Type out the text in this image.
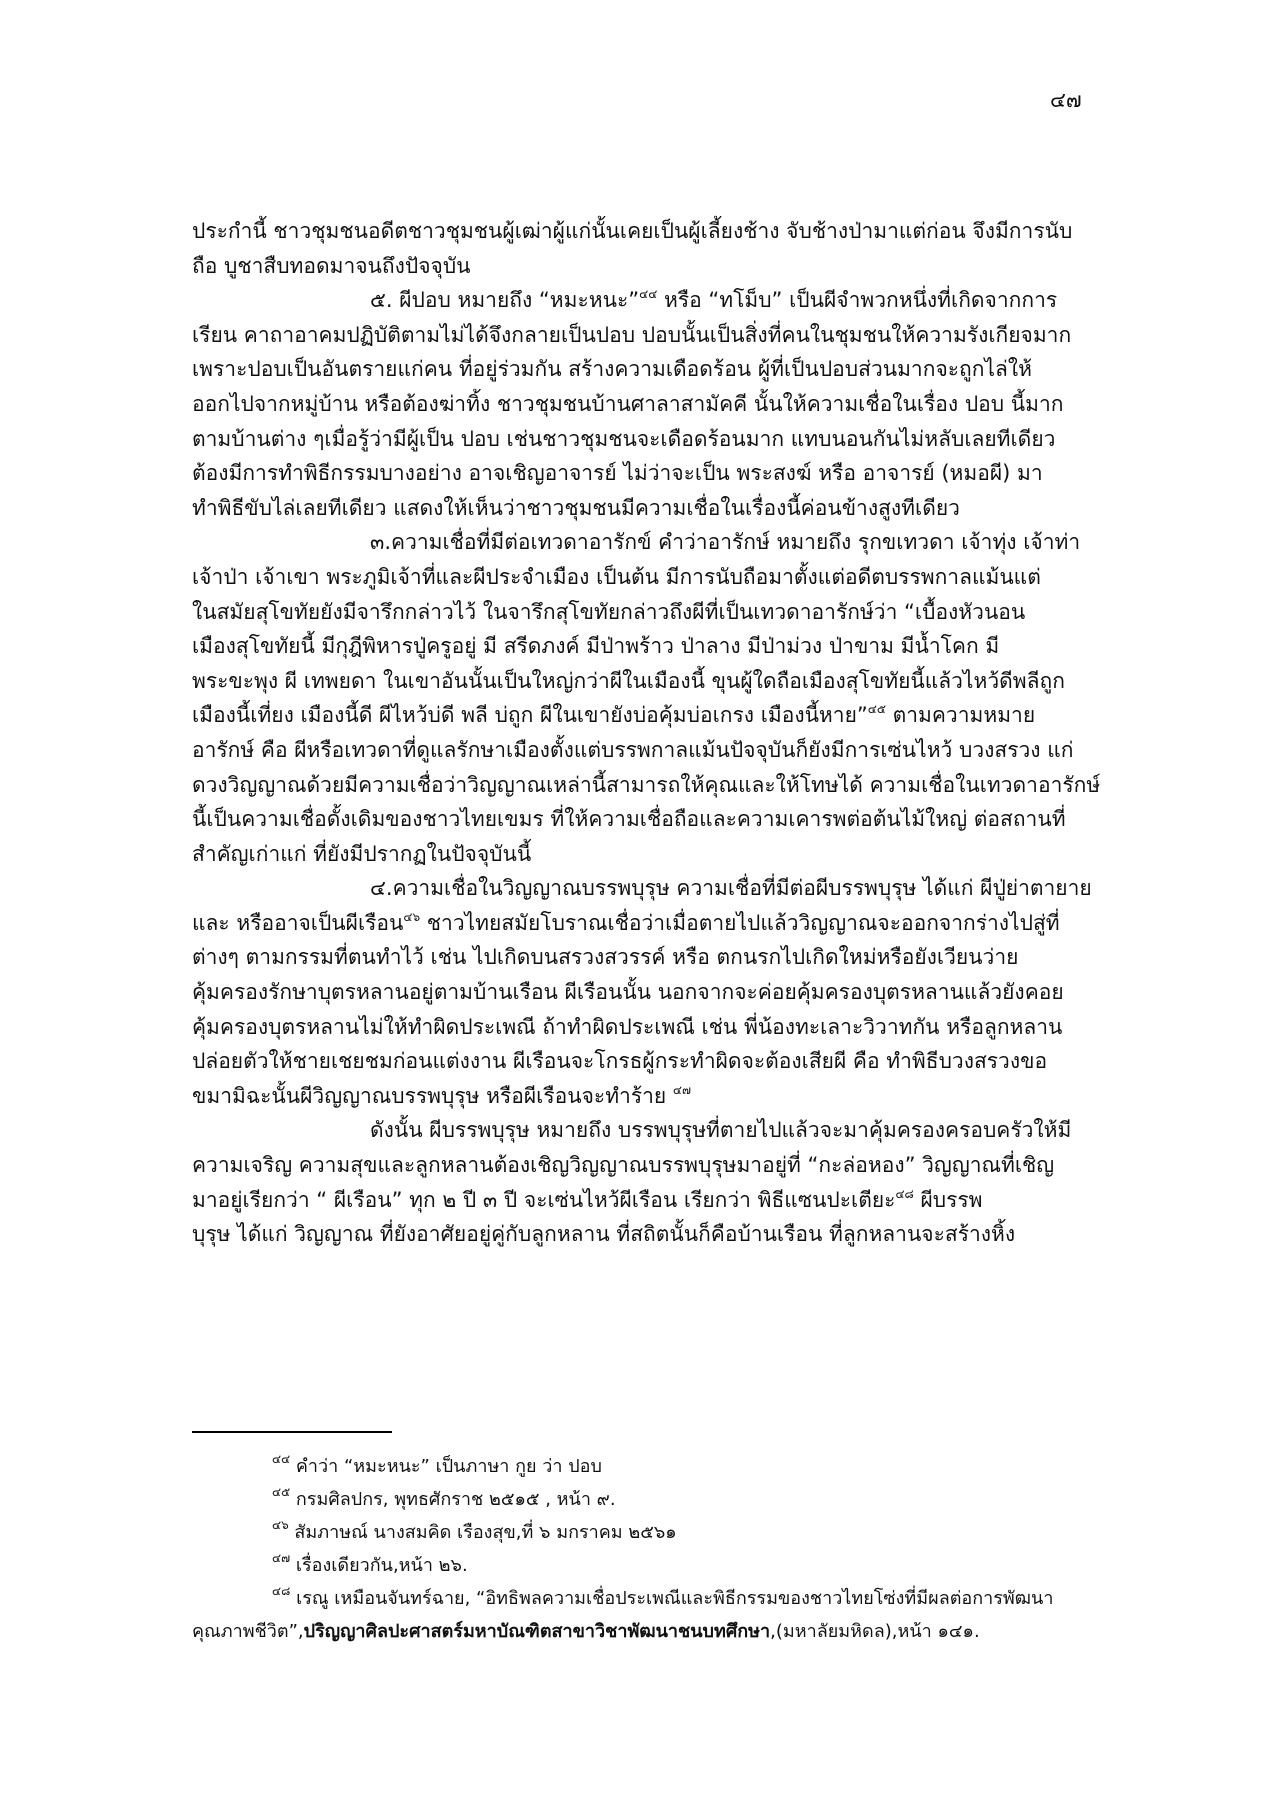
๔๗
ประกำนี้ ชาวชุมชนอดีตชาวชุมชนผู้เฒ่าผู้แก่นั้นเคยเป็นผู้เลี้ยงช้าง จับช้างป่ามาแต่ก่อน จึงมีการนับ
ถือ บูชาสืบทอดมาจนถึงปัจจุบัน
๕. ผีปอบ หมายถึง “หมะหนะ”$^{๔๔}$ หรือ “ทโม็บ” เป็นผีจำพวกหนึ่งที่เกิดจากการ
เรียน คาถาอาคมปฏิบัติตามไม่ได้จึงกลายเป็นปอบ ปอบนั้นเป็นสิ่งที่คนในชุมชนให้ความรังเกียจมาก
เพราะปอบเป็นอันตรายแก่คน ที่อยู่ร่วมกัน สร้างความเดือดร้อน ผู้ที่เป็นปอบส่วนมากจะถูกไล่ให้
ออกไปจากหมู่บ้าน หรือต้องฆ่าทิ้ง ชาวชุมชนบ้านศาลาสามัคคี นั้นให้ความเชื่อในเรื่อง ปอบ นี้มาก
ตามบ้านต่าง ๆเมื่อรู้ว่ามีผู้เป็น ปอบ เช่นชาวชุมชนจะเดือดร้อนมาก แทบนอนกันไม่หลับเลยทีเดียว
ต้องมีการทำพิธีกรรมบางอย่าง อาจเชิญอาจารย์ ไม่ว่าจะเป็น พระสงฆ์ หรือ อาจารย์ (หมอผี) มา
ทำพิธีขับไล่เลยทีเดียว แสดงให้เห็นว่าชาวชุมชนมีความเชื่อในเรื่องนี้ค่อนข้างสูงทีเดียว
๓.ความเชื่อที่มีต่อเทวดาอารักข์ คำว่าอารักษ์ หมายถึง รุกขเทวดา เจ้าทุ่ง เจ้าท่า
เจ้าป่า เจ้าเขา พระภูมิเจ้าที่และผีประจำเมือง เป็นต้น มีการนับถือมาตั้งแต่อดีตบรรพกาลแม้นแต่
ในสมัยสุโขทัยยังมีจารึกกล่าวไว้ ในจารึกสุโขทัยกล่าวถึงผีที่เป็นเทวดาอารักษ์ว่า “เบื้องหัวนอน
เมืองสุโขทัยนี้ มีกุฎีพิหารปู่ครูอยู่ มี สรีดภงค์ มีป่าพร้าว ป่าลาง มีป่าม่วง ป่าขาม มีน้ำโคก มี
พระขะพุง ผี เทพยดา ในเขาอันนั้นเป็นใหญ่กว่าผีในเมืองนี้ ขุนผู้ใดถือเมืองสุโขทัยนี้แล้วไหว้ดีพลีถูก
เมืองนี้เที่ยง เมืองนี้ดี ผีไหว้บ่ดี พลี บ่ถูก ผีในเขายังบ่อคุ้มบ่อเกรง เมืองนี้หาย”$^{๔๕}$ ตามความหมาย
อารักษ์ คือ ผีหรือเทวดาที่ดูแลรักษาเมืองตั้งแต่บรรพกาลแม้นปัจจุบันก็ยังมีการเซ่นไหว้ บวงสรวง แก่
ดวงวิญญาณด้วยมีความเชื่อว่าวิญญาณเหล่านี้สามารถให้คุณและให้โทษได้ ความเชื่อในเทวดาอารักษ์
นี้เป็นความเชื่อดั้งเดิมของชาวไทยเขมร ที่ให้ความเชื่อถือและความเคารพต่อต้นไม้ใหญ่ ต่อสถานที่
สำคัญเก่าแก่ ที่ยังมีปรากฏในปัจจุบันนี้
๔.ความเชื่อในวิญญาณบรรพบุรุษ ความเชื่อที่มีต่อผีบรรพบุรุษ ได้แก่ ผีปู่ย่าตายาย
และ หรืออาจเป็นผีเรือน$^{๔๖}$ ชาวไทยสมัยโบราณเชื่อว่าเมื่อตายไปแล้ววิญญาณจะออกจากร่างไปสู่ที่
ต่างๆ ตามกรรมที่ตนทำไว้ เช่น ไปเกิดบนสรวงสวรรค์ หรือ ตกนรกไปเกิดใหม่หรือยังเวียนว่าย
คุ้มครองรักษาบุตรหลานอยู่ตามบ้านเรือน ผีเรือนนั้น นอกจากจะค่อยคุ้มครองบุตรหลานแล้วยังคอย
คุ้มครองบุตรหลานไม่ให้ทำผิดประเพณี ถ้าทำผิดประเพณี เช่น พี่น้องทะเลาะวิวาทกัน หรือลูกหลาน
ปล่อยตัวให้ชายเชยชมก่อนแต่งงาน ผีเรือนจะโกรธผู้กระทำผิดจะต้องเสียผี คือ ทำพิธีบวงสรวงขอ
ขมามิฉะนั้นผีวิญญาณบรรพบุรุษ หรือผีเรือนจะทำร้าย $^{๔๗}$
ดังนั้น ผีบรรพบุรุษ หมายถึง บรรพบุรุษที่ตายไปแล้วจะมาคุ้มครองครอบครัวให้มี
ความเจริญ ความสุขและลูกหลานต้องเชิญวิญญาณบรรพบุรุษมาอยู่ที่ “กะล่อหอง” วิญญาณที่เชิญ
มาอยู่เรียกว่า “ ผีเรือน” ทุก ๒ ปี ๓ ปี จะเซ่นไหว้ผีเรือน เรียกว่า พิธีแซนปะเตียะ$^{๔๘}$ ผีบรรพ
บุรุษ ได้แก่ วิญญาณ ที่ยังอาศัยอยู่คู่กับลูกหลาน ที่สถิตนั้นก็คือบ้านเรือน ที่ลูกหลานจะสร้างหิ้ง
$^{๔๔}$ คำว่า “หมะหนะ” เป็นภาษา กูย ว่า ปอบ
$^{๔๕}$ กรมศิลปกร, พุทธศักราช ๒๕๑๕ , หน้า ๙.
$^{๔๖}$ สัมภาษณ์ นางสมคิด เรืองสุข,ที่ ๖ มกราคม ๒๕๖๑
$^{๔๗}$ เรื่องเดียวกัน,หน้า ๒๖.
$^{๔๘}$ เรณู เหมือนจันทร์ฉาย, “อิทธิพลความเชื่อประเพณีและพิธีกรรมของชาวไทยโซ่งที่มีผลต่อการพัฒนา
คุณภาพชีวิต”,ปริญญาศิลปะศาสตร์มหาบัณฑิตสาขาวิชาพัฒนาชนบทศึกษา,(มหาลัยมหิดล),หน้า ๑๔๑.
